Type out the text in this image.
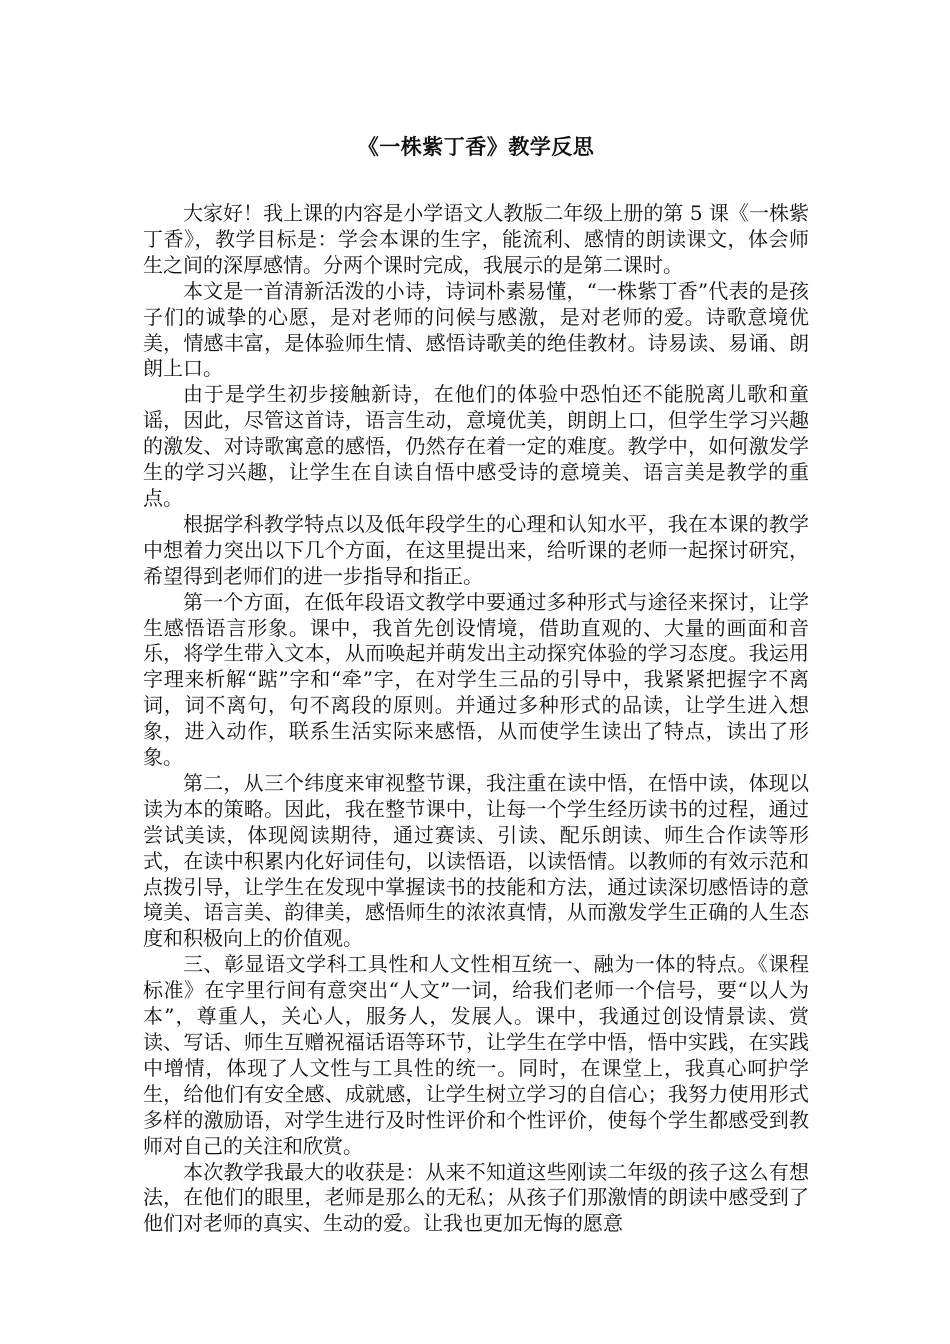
《一株紫丁香》教学反思

大家好！我上课的内容是小学语文人教版二年级上册的第 5 课《一株紫丁香》，教学目标是：学会本课的生字，能流利、感情的朗读课文，体会师生之间的深厚感情。分两个课时完成，我展示的是第二课时。

本文是一首清新活泼的小诗，诗词朴素易懂，“一株紫丁香”代表的是孩子们的诚挚的心愿，是对老师的问候与感激，是对老师的爱。诗歌意境优美，情感丰富，是体验师生情、感悟诗歌美的绝佳教材。诗易读、易诵、朗朗上口。

由于是学生初步接触新诗，在他们的体验中恐怕还不能脱离儿歌和童谣，因此，尽管这首诗，语言生动，意境优美，朗朗上口，但学生学习兴趣的激发、对诗歌寓意的感悟，仍然存在着一定的难度。教学中，如何激发学生的学习兴趣，让学生在自读自悟中感受诗的意境美、语言美是教学的重点。

根据学科教学特点以及低年段学生的心理和认知水平，我在本课的教学中想着力突出以下几个方面，在这里提出来，给听课的老师一起探讨研究，希望得到老师们的进一步指导和指正。

第一个方面，在低年段语文教学中要通过多种形式与途径来探讨，让学生感悟语言形象。课中，我首先创设情境，借助直观的、大量的画面和音乐，将学生带入文本，从而唤起并萌发出主动探究体验的学习态度。我运用字理来析解“踮”字和“牵”字，在对学生三品的引导中，我紧紧把握字不离词，词不离句，句不离段的原则。并通过多种形式的品读，让学生进入想象，进入动作，联系生活实际来感悟，从而使学生读出了特点，读出了形象。

第二，从三个纬度来审视整节课，我注重在读中悟，在悟中读，体现以读为本的策略。因此，我在整节课中，让每一个学生经历读书的过程，通过尝试美读，体现阅读期待，通过赛读、引读、配乐朗读、师生合作读等形式，在读中积累内化好词佳句，以读悟语，以读悟情。以教师的有效示范和点拨引导，让学生在发现中掌握读书的技能和方法，通过读深切感悟诗的意境美、语言美、韵律美，感悟师生的浓浓真情，从而激发学生正确的人生态度和积极向上的价值观。

三、彰显语文学科工具性和人文性相互统一、融为一体的特点。《课程标准》在字里行间有意突出“人文”一词，给我们老师一个信号，要“以人为本”，尊重人，关心人，服务人，发展人。课中，我通过创设情景读、赏读、写话、师生互赠祝福话语等环节，让学生在学中悟，悟中实践，在实践中增情，体现了人文性与工具性的统一。同时，在课堂上，我真心呵护学生，给他们有安全感、成就感，让学生树立学习的自信心；我努力使用形式多样的激励语，对学生进行及时性评价和个性评价，使每个学生都感受到教师对自己的关注和欣赏。

本次教学我最大的收获是：从来不知道这些刚读二年级的孩子这么有想法，在他们的眼里，老师是那么的无私；从孩子们那激情的朗读中感受到了他们对老师的真实、生动的爱。让我也更加无悔的愿意
